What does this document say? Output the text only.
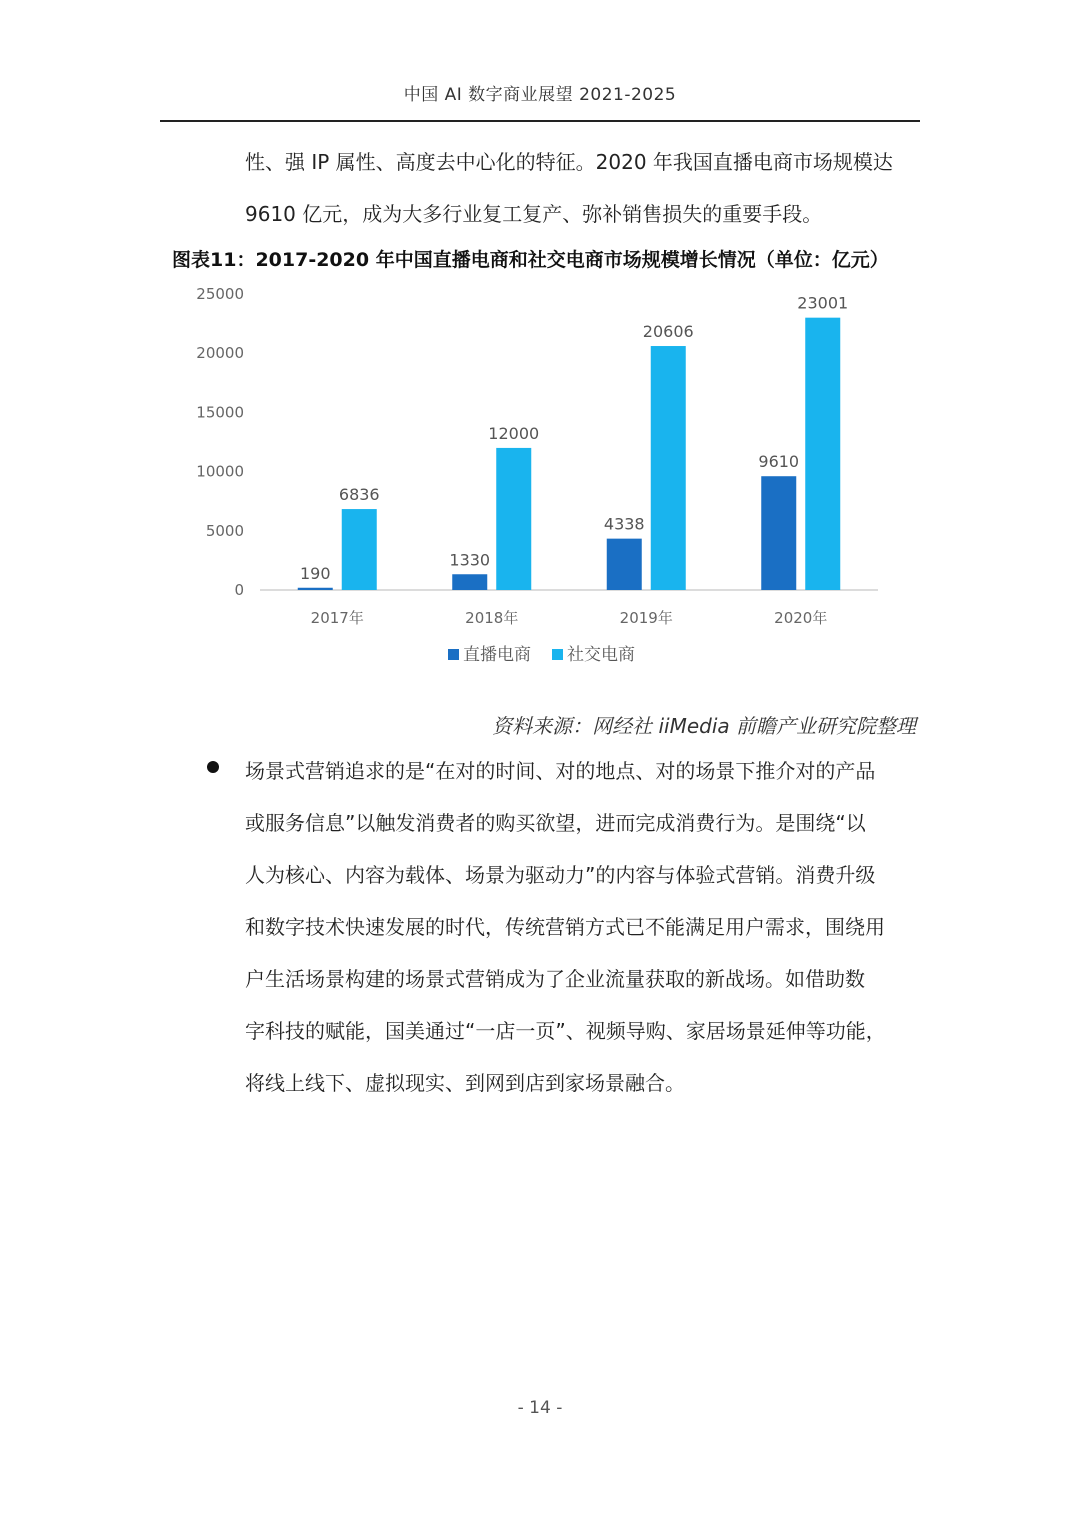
中国 AI 数字商业展望 2021-2025
性、强 IP 属性、高度去中心化的特征。2020 年我国直播电商市场规模达
9610 亿元，成为大多行业复工复产、弥补销售损失的重要手段。
图表11：2017-2020 年中国直播电商和社交电商市场规模增长情况（单位：亿元）
0
5000
10000
15000
20000
25000
190
6836
2017年
1330
12000
2018年
4338
20606
2019年
9610
23001
2020年
直播电商 社交电商
资料来源：网经社 iiMedia 前瞻产业研究院整理
场景式营销追求的是“在对的时间、对的地点、对的场景下推介对的产品
或服务信息”以触发消费者的购买欲望，进而完成消费行为。是围绕“以
人为核心、内容为载体、场景为驱动力”的内容与体验式营销。消费升级
和数字技术快速发展的时代，传统营销方式已不能满足用户需求，围绕用
户生活场景构建的场景式营销成为了企业流量获取的新战场。如借助数
字科技的赋能，国美通过“一店一页”、视频导购、家居场景延伸等功能，
将线上线下、虚拟现实、到网到店到家场景融合。
- 14 -
